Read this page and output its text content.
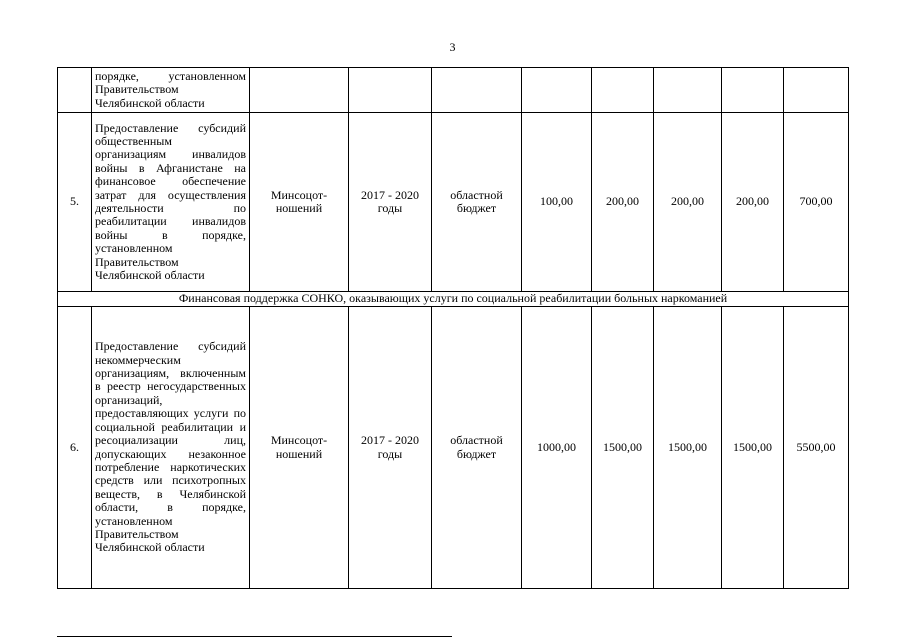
3
	порядке, установленном Правительством Челябинской области								
5.	Предоставление субсидий общественным организациям инвалидов войны в Афганистане на финансовое обеспечение затрат для осуществления деятельности по реабилитации инвалидов войны в порядке, установленном Правительством Челябинской области	Минсоцот-ношений	2017 - 2020 годы	областной бюджет	100,00	200,00	200,00	200,00	700,00
Финансовая поддержка СОНКО, оказывающих услуги по социальной реабилитации больных наркоманией									
6.	Предоставление субсидий некоммерческим организациям, включенным в реестр негосударственных организаций, предоставляющих услуги по социальной реабилитации и ресоциализации лиц, допускающих незаконное потребление наркотических средств или психотропных веществ, в Челябинской области, в порядке, установленном Правительством Челябинской области	Минсоцот-ношений	2017 - 2020 годы	областной бюджет	1000,00	1500,00	1500,00	1500,00	5500,00
